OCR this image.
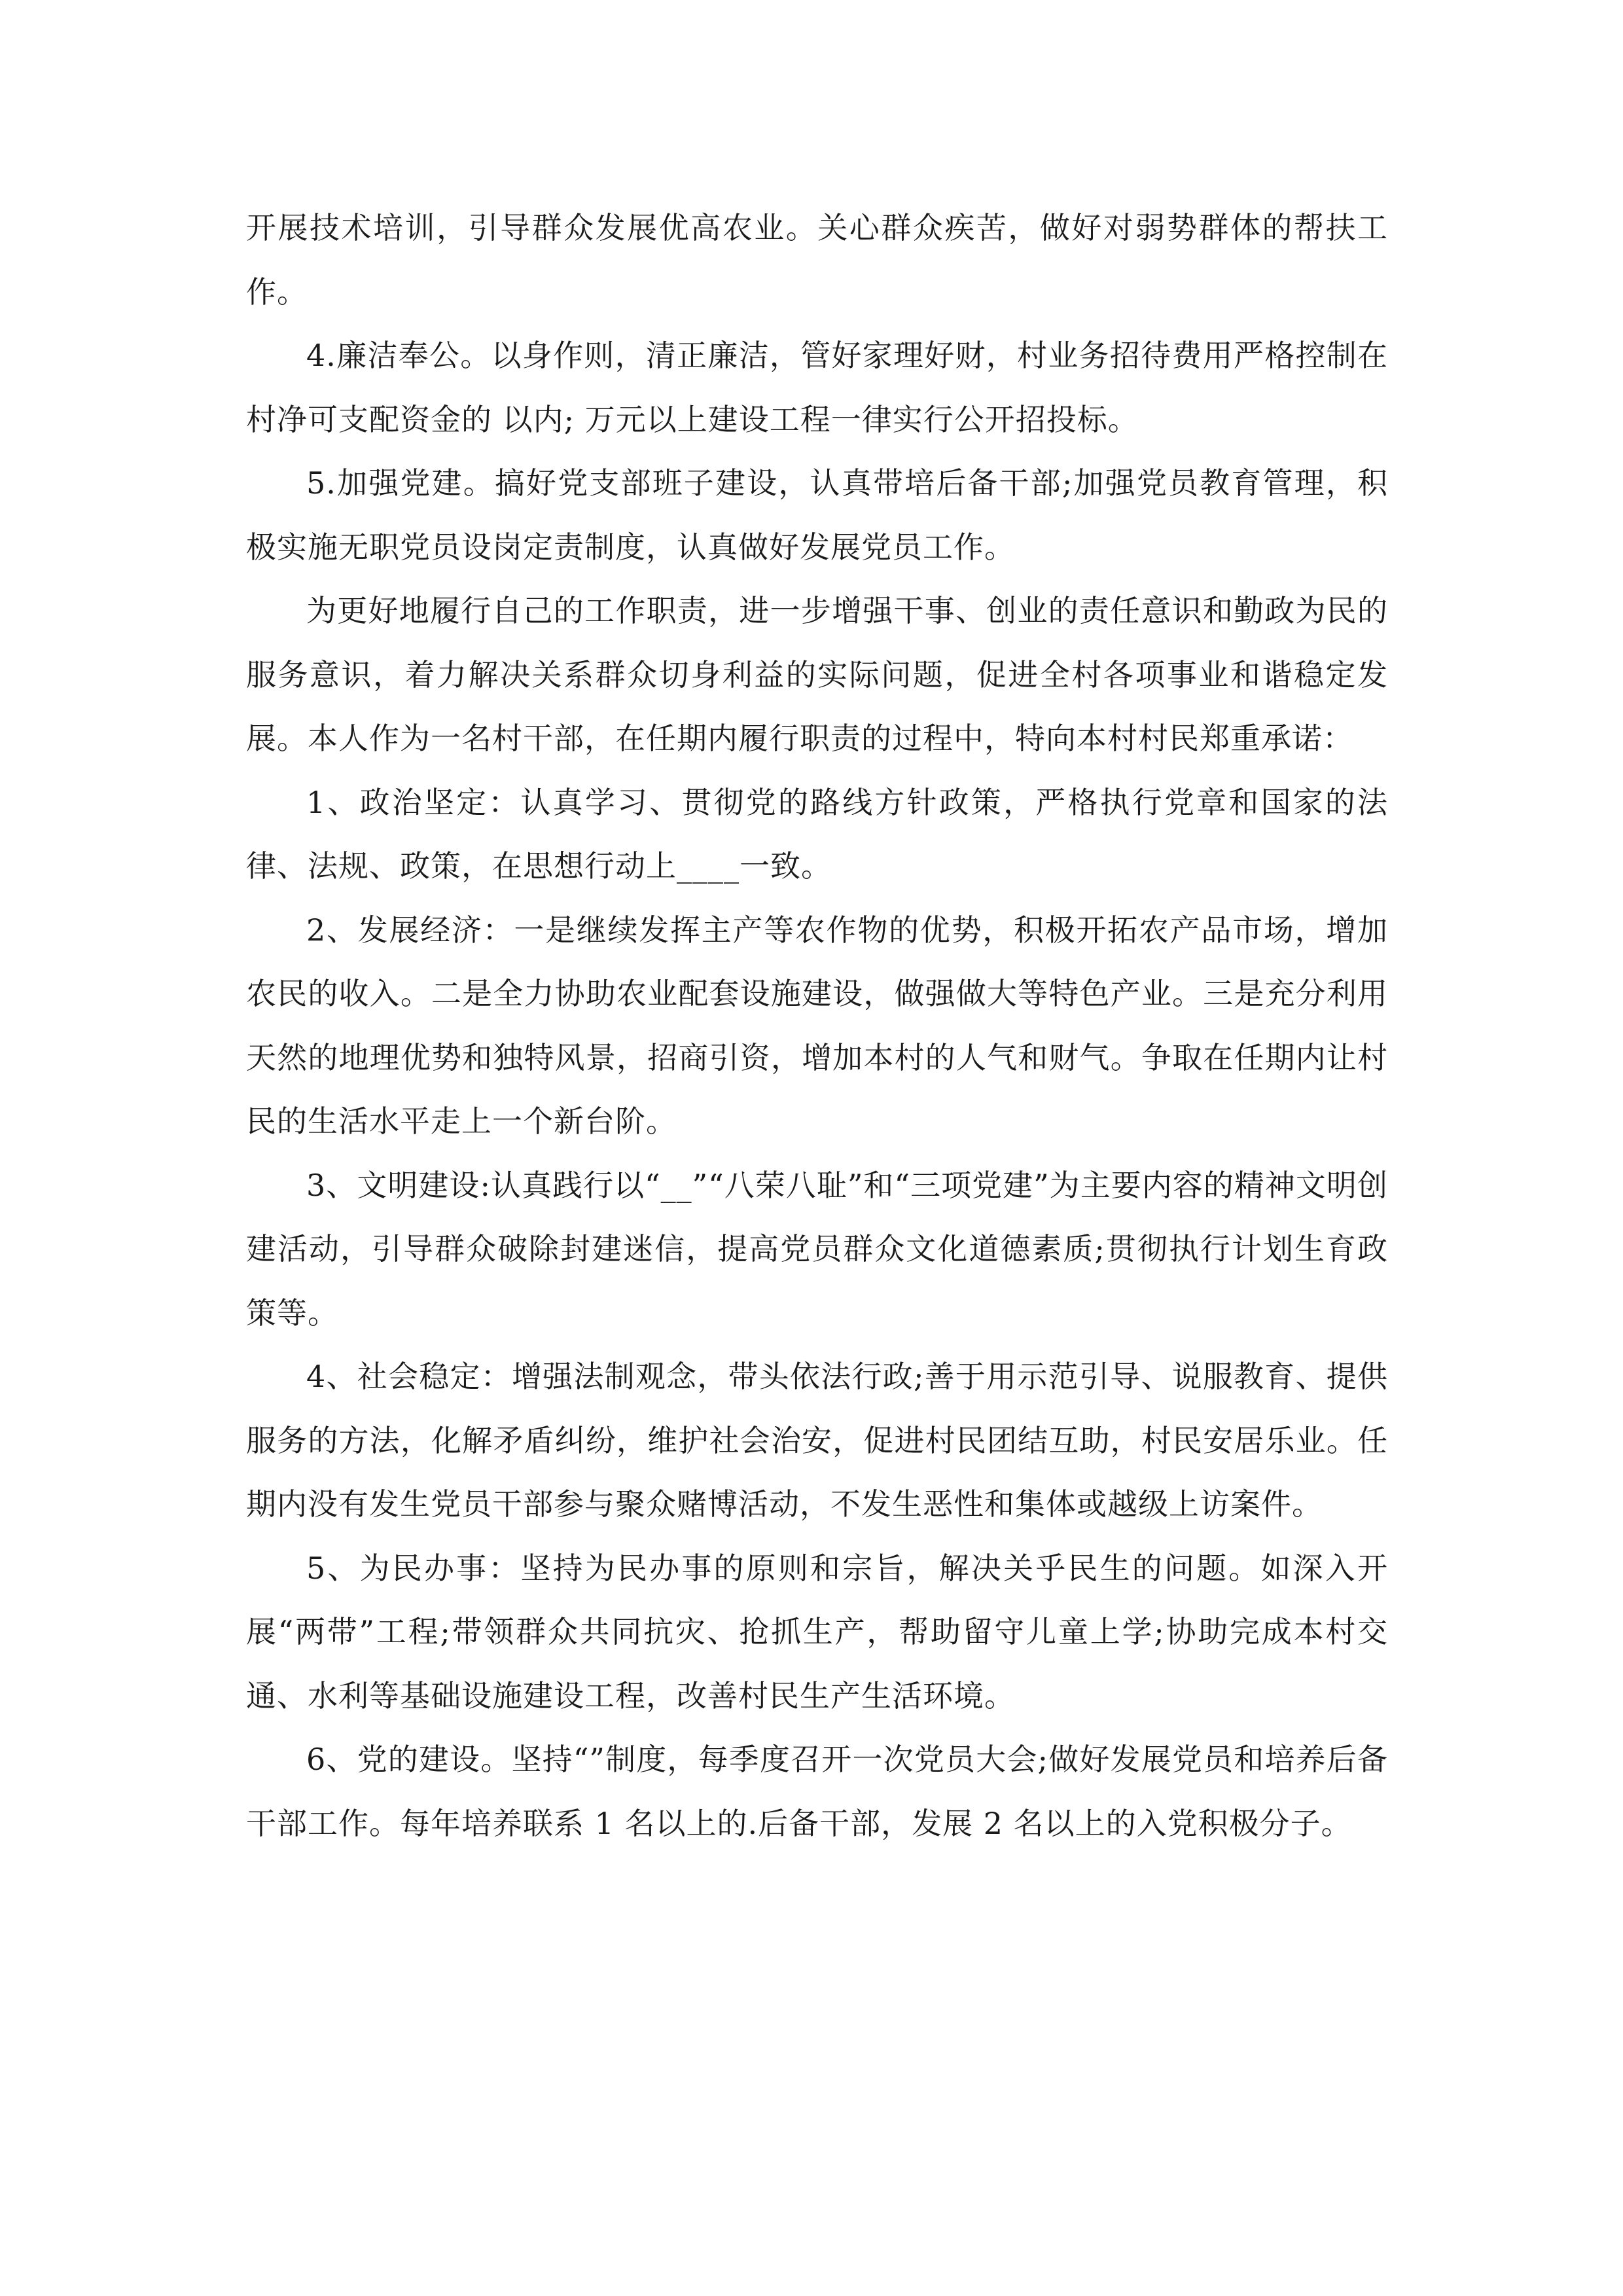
开展技术培训，引导群众发展优高农业。关心群众疾苦，做好对弱势群体的帮扶工作。

4.廉洁奉公。以身作则，清正廉洁，管好家理好财，村业务招待费用严格控制在村净可支配资金的 以内; 万元以上建设工程一律实行公开招投标。

5.加强党建。搞好党支部班子建设，认真带培后备干部;加强党员教育管理，积极实施无职党员设岗定责制度，认真做好发展党员工作。

为更好地履行自己的工作职责，进一步增强干事、创业的责任意识和勤政为民的服务意识，着力解决关系群众切身利益的实际问题，促进全村各项事业和谐稳定发展。本人作为一名村干部，在任期内履行职责的过程中，特向本村村民郑重承诺：

1、政治坚定：认真学习、贯彻党的路线方针政策，严格执行党章和国家的法律、法规、政策，在思想行动上____一致。

2、发展经济：一是继续发挥主产等农作物的优势，积极开拓农产品市场，增加农民的收入。二是全力协助农业配套设施建设，做强做大等特色产业。三是充分利用天然的地理优势和独特风景，招商引资，增加本村的人气和财气。争取在任期内让村民的生活水平走上一个新台阶。

3、文明建设:认真践行以“__”“八荣八耻”和“三项党建”为主要内容的精神文明创建活动，引导群众破除封建迷信，提高党员群众文化道德素质;贯彻执行计划生育政策等。

4、社会稳定：增强法制观念，带头依法行政;善于用示范引导、说服教育、提供服务的方法，化解矛盾纠纷，维护社会治安，促进村民团结互助，村民安居乐业。任期内没有发生党员干部参与聚众赌博活动，不发生恶性和集体或越级上访案件。

5、为民办事：坚持为民办事的原则和宗旨，解决关乎民生的问题。如深入开展“两带”工程;带领群众共同抗灾、抢抓生产，帮助留守儿童上学;协助完成本村交通、水利等基础设施建设工程，改善村民生产生活环境。

6、党的建设。坚持“”制度，每季度召开一次党员大会;做好发展党员和培养后备干部工作。每年培养联系 1 名以上的.后备干部，发展 2 名以上的入党积极分子。
